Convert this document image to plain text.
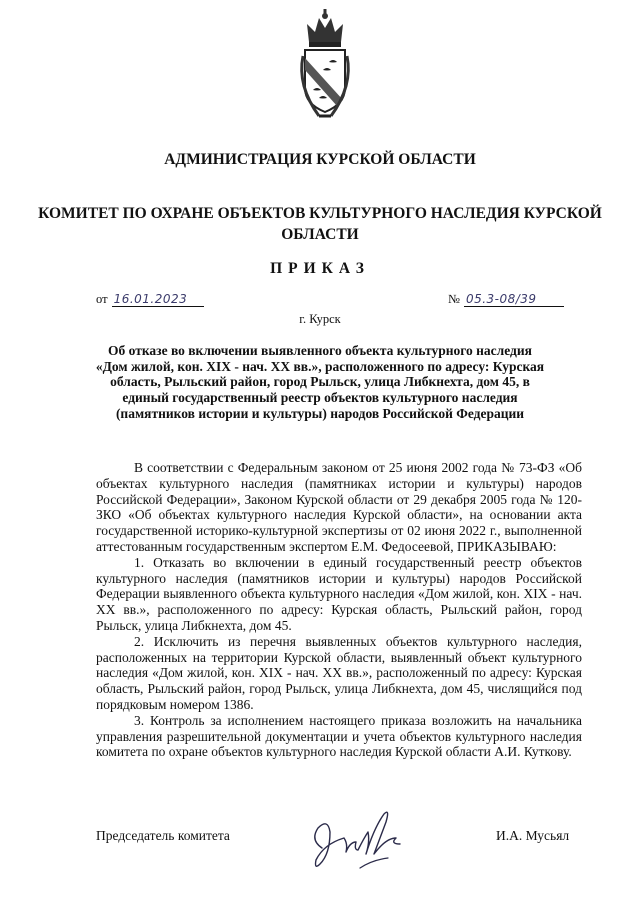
АДМИНИСТРАЦИЯ КУРСКОЙ ОБЛАСТИ
КОМИТЕТ ПО ОХРАНЕ ОБЪЕКТОВ КУЛЬТУРНОГО НАСЛЕДИЯ КУРСКОЙ ОБЛАСТИ
ПРИКАЗ
от 16.01.2023	№ 05.3-08/39
г. Курск
Об отказе во включении выявленного объекта культурного наследия «Дом жилой, кон. XIX - нач. XX вв.», расположенного по адресу: Курская область, Рыльский район, город Рыльск, улица Либкнехта, дом 45, в единый государственный реестр объектов культурного наследия (памятников истории и культуры) народов Российской Федерации

В соответствии с Федеральным законом от 25 июня 2002 года № 73-ФЗ «Об объектах культурного наследия (памятниках истории и культуры) народов Российской Федерации», Законом Курской области от 29 декабря 2005 года № 120-ЗКО «Об объектах культурного наследия Курской области», на основании акта государственной историко-культурной экспертизы от 02 июня 2022 г., выполненной аттестованным государственным экспертом Е.М. Федосеевой, ПРИКАЗЫВАЮ:

1. Отказать во включении в единый государственный реестр объектов культурного наследия (памятников истории и культуры) народов Российской Федерации выявленного объекта культурного наследия «Дом жилой, кон. XIX - нач. XX вв.», расположенного по адресу: Курская область, Рыльский район, город Рыльск, улица Либкнехта, дом 45.

2. Исключить из перечня выявленных объектов культурного наследия, расположенных на территории Курской области, выявленный объект культурного наследия «Дом жилой, кон. XIX - нач. XX вв.», расположенный по адресу: Курская область, Рыльский район, город Рыльск, улица Либкнехта, дом 45, числящийся под порядковым номером 1386.

3. Контроль за исполнением настоящего приказа возложить на начальника управления разрешительной документации и учета объектов культурного наследия комитета по охране объектов культурного наследия Курской области А.И. Куткову.

Председатель комитета	И.А. Мусьял
